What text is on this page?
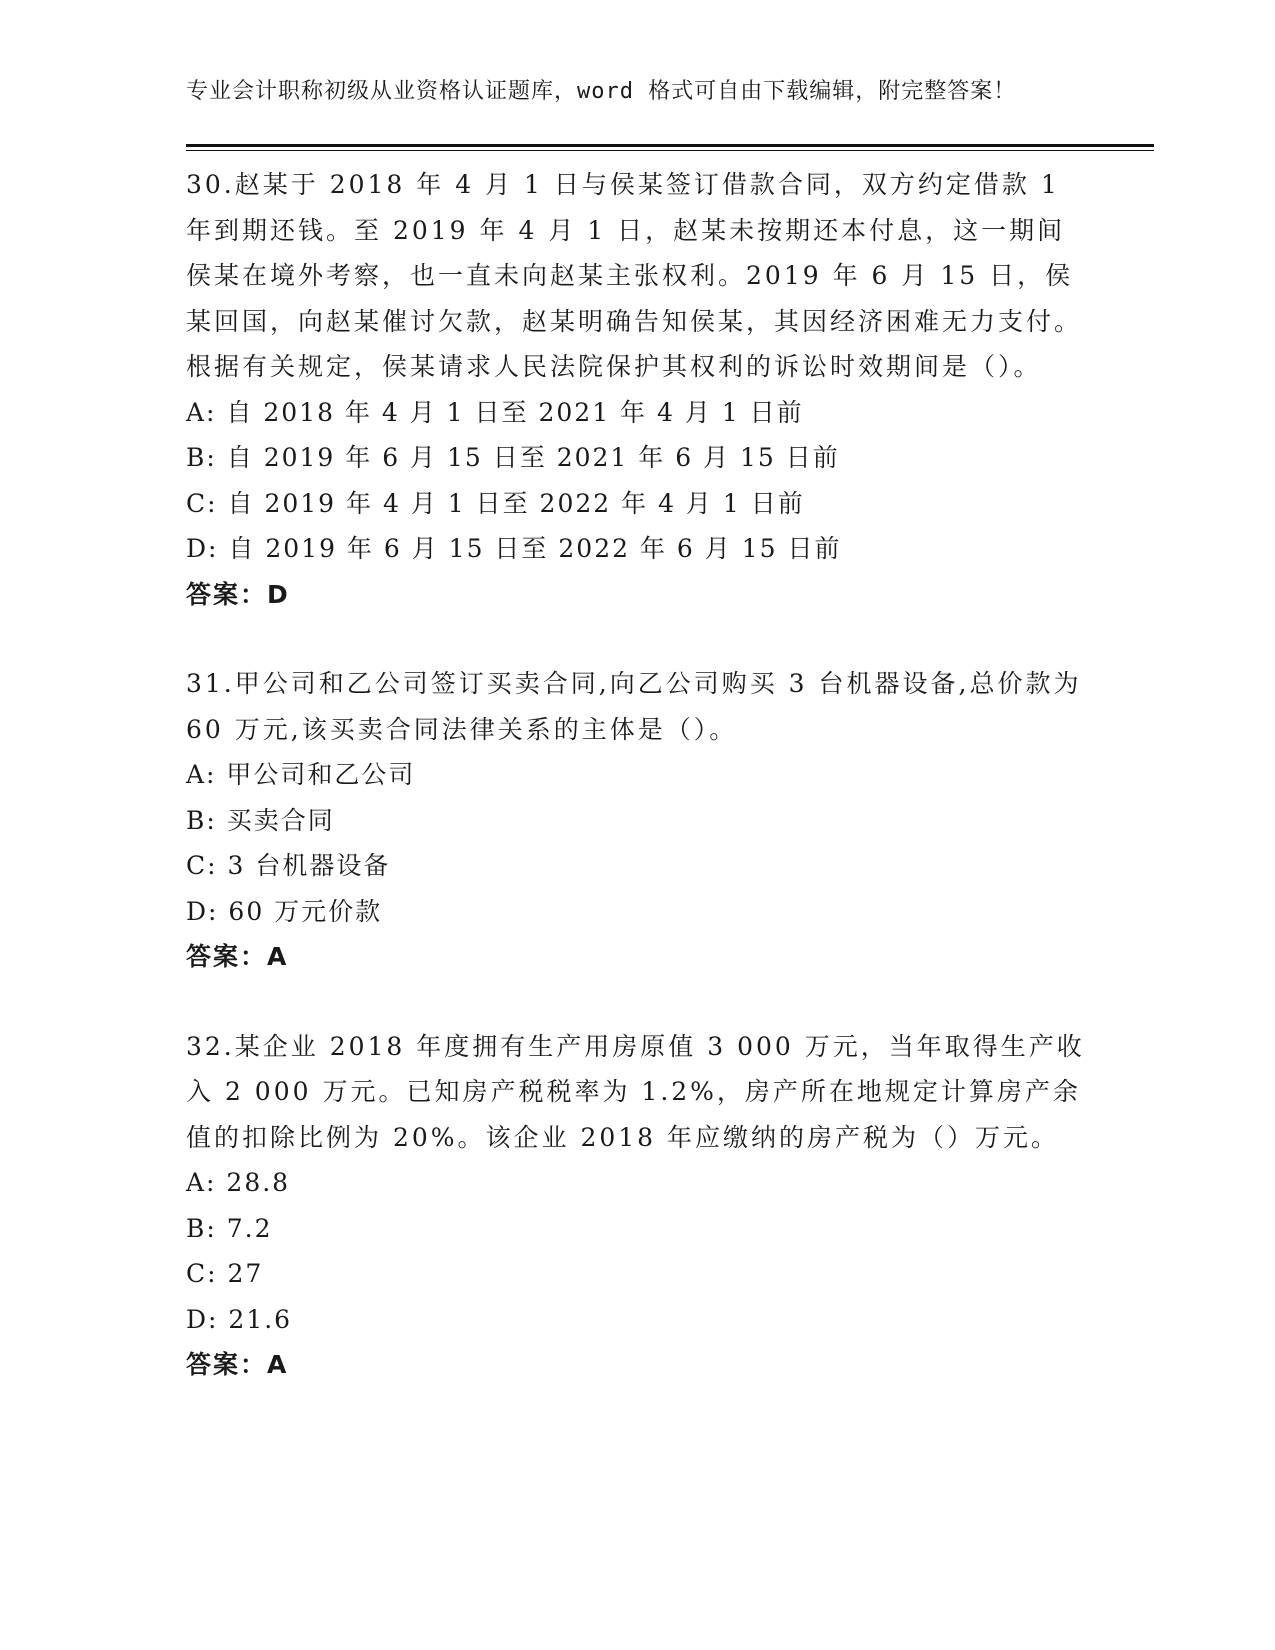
专业会计职称初级从业资格认证题库，word 格式可自由下载编辑，附完整答案！

30.赵某于 2018 年 4 月 1 日与侯某签订借款合同，双方约定借款 1 年到期还钱。至 2019 年 4 月 1 日，赵某未按期还本付息，这一期间侯某在境外考察，也一直未向赵某主张权利。2019 年 6 月 15 日，侯某回国，向赵某催讨欠款，赵某明确告知侯某，其因经济困难无力支付。根据有关规定，侯某请求人民法院保护其权利的诉讼时效期间是（）。

A: 自 2018 年 4 月 1 日至 2021 年 4 月 1 日前

B: 自 2019 年 6 月 15 日至 2021 年 6 月 15 日前

C: 自 2019 年 4 月 1 日至 2022 年 4 月 1 日前

D: 自 2019 年 6 月 15 日至 2022 年 6 月 15 日前

答案：D

31.甲公司和乙公司签订买卖合同,向乙公司购买 3 台机器设备,总价款为 60 万元,该买卖合同法律关系的主体是（）。

A: 甲公司和乙公司

B: 买卖合同

C: 3 台机器设备

D: 60 万元价款

答案：A

32.某企业 2018 年度拥有生产用房原值 3 000 万元，当年取得生产收入 2 000 万元。已知房产税税率为 1.2%，房产所在地规定计算房产余值的扣除比例为 20%。该企业 2018 年应缴纳的房产税为（）万元。

A: 28.8

B: 7.2

C: 27

D: 21.6

答案：A
